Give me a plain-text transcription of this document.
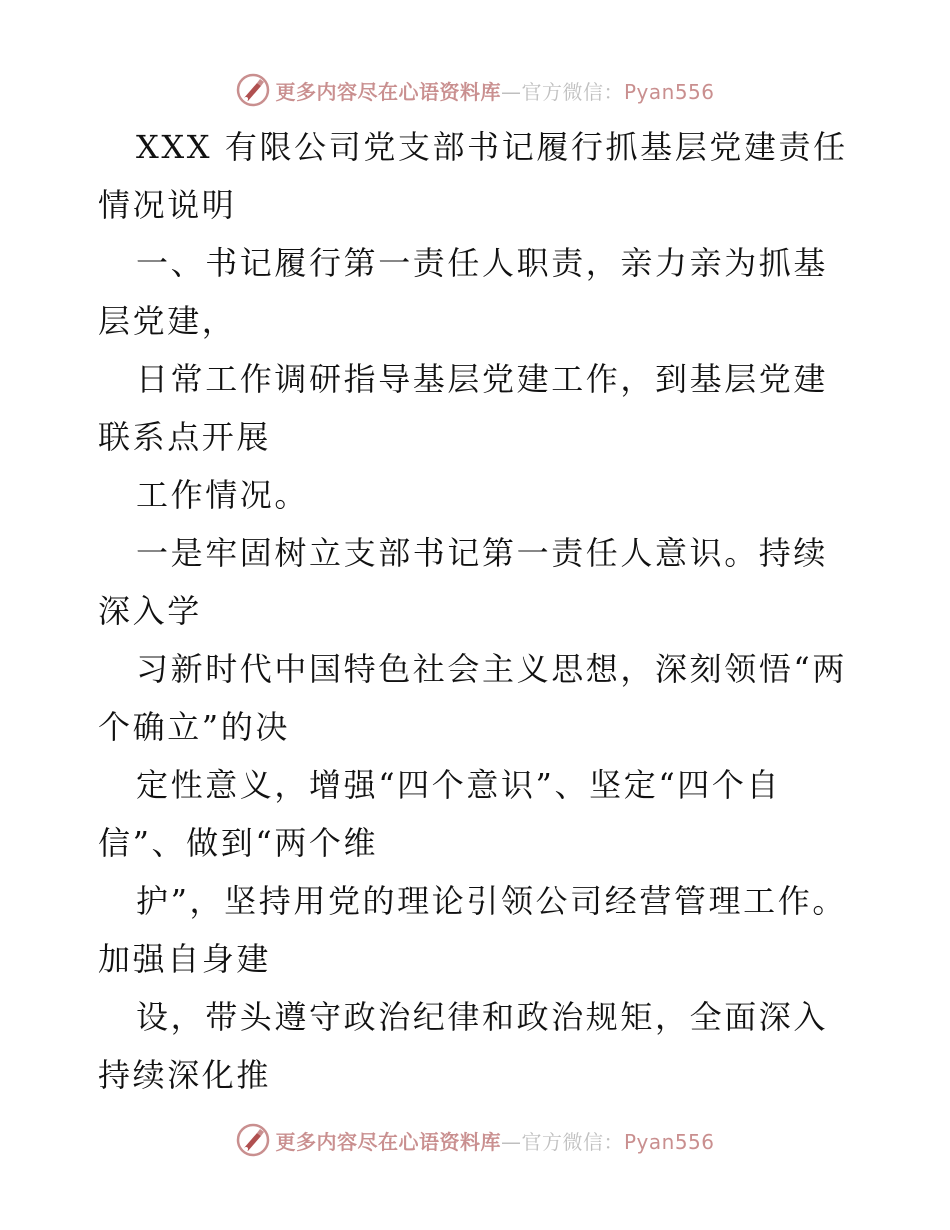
更多内容尽在心语资料库—官方微信：Pyan556

XXX 有限公司党支部书记履行抓基层党建责任情况说明

一、书记履行第一责任人职责，亲力亲为抓基层党建，

日常工作调研指导基层党建工作，到基层党建联系点开展

工作情况。

一是牢固树立支部书记第一责任人意识。持续深入学

习新时代中国特色社会主义思想，深刻领悟“两个确立”的决

定性意义，增强“四个意识”、坚定“四个自信”、做到“两个维

护”，坚持用党的理论引领公司经营管理工作。加强自身建

设，带头遵守政治纪律和政治规矩，全面深入持续深化推

更多内容尽在心语资料库—官方微信：Pyan556
